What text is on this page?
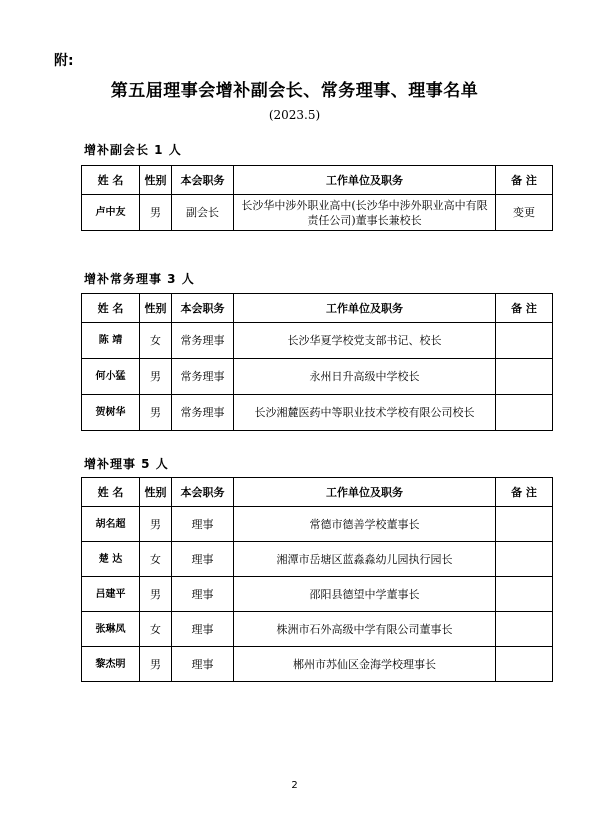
附:
第五届理事会增补副会长、常务理事、理事名单
(2023.5)
增补副会长 1 人
姓 名	性别	本会职务	工作单位及职务	备 注
卢中友	男	副会长	长沙华中涉外职业高中(长沙华中涉外职业高中有限责任公司)董事长兼校长	变更
增补常务理事 3 人
姓 名	性别	本会职务	工作单位及职务	备 注
陈 靖	女	常务理事	长沙华夏学校党支部书记、校长	
何小猛	男	常务理事	永州日升高级中学校长	
贺树华	男	常务理事	长沙湘麓医药中等职业技术学校有限公司校长	
增补理事 5 人
姓 名	性别	本会职务	工作单位及职务	备 注
胡名超	男	理事	常德市德善学校董事长	
楚 达	女	理事	湘潭市岳塘区蓝淼淼幼儿园执行园长	
吕建平	男	理事	邵阳县德望中学董事长	
张琳凤	女	理事	株洲市石外高级中学有限公司董事长	
黎杰明	男	理事	郴州市苏仙区金海学校理事长	
2
